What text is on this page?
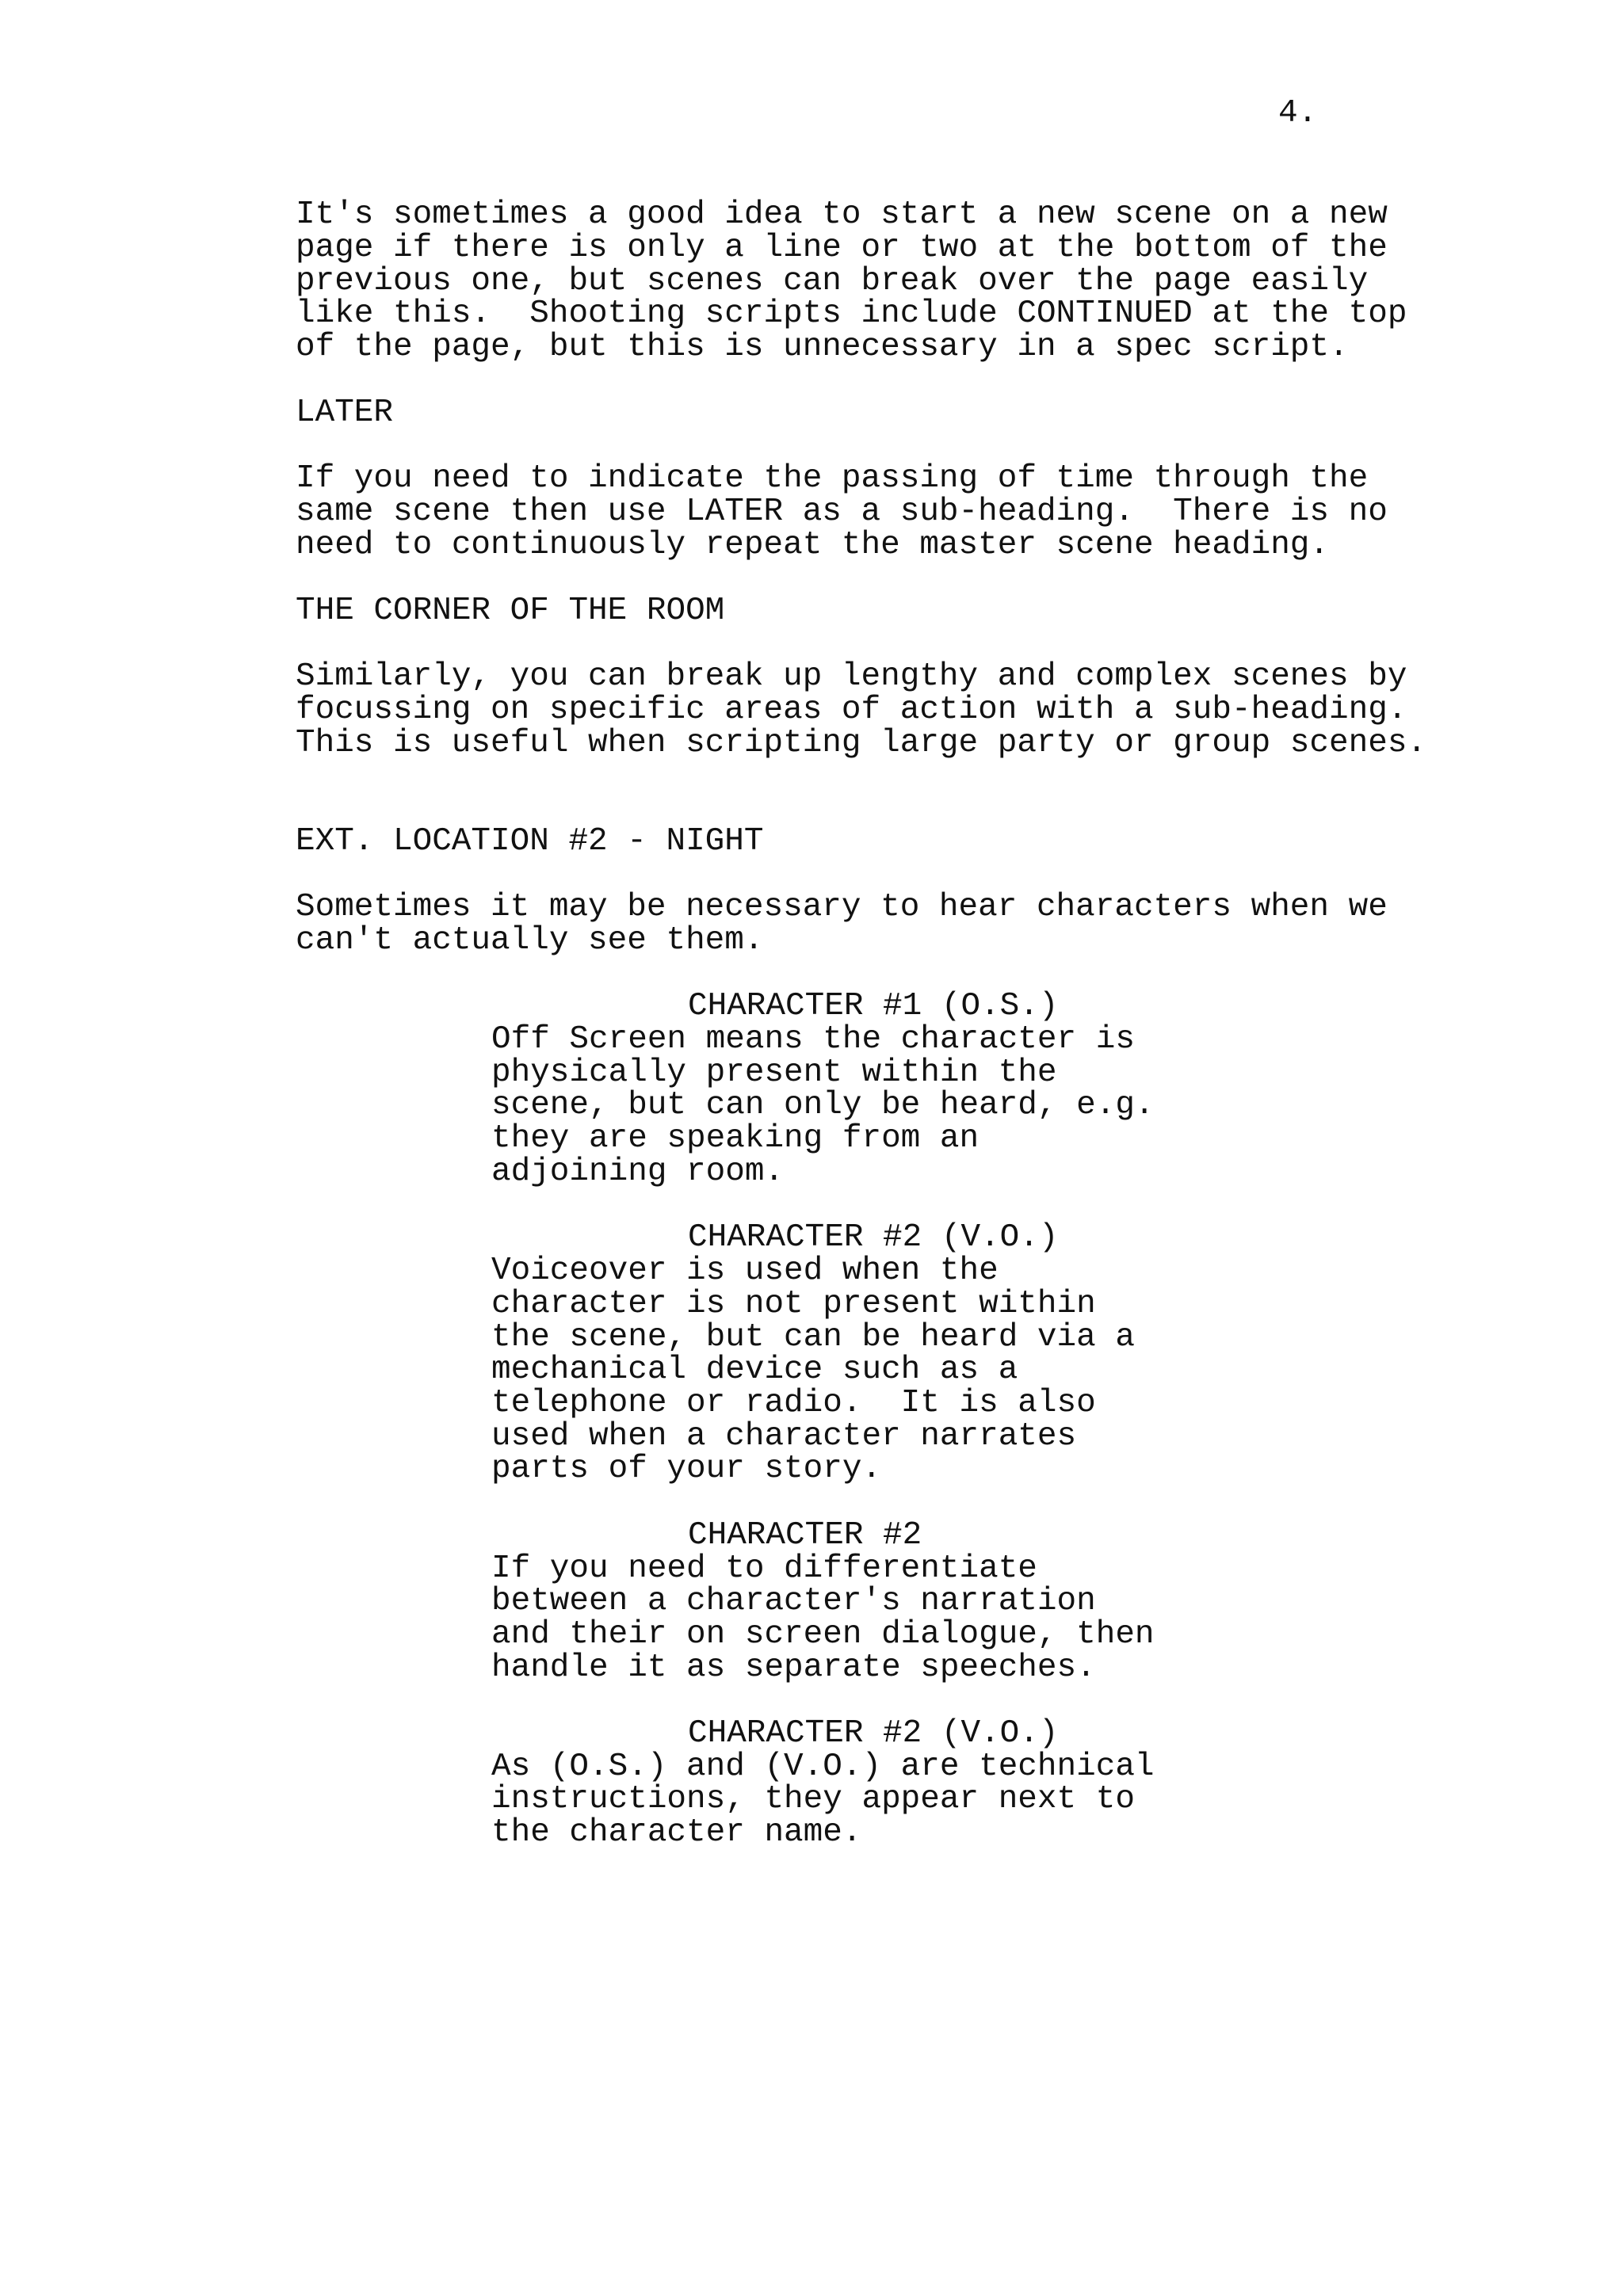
4.
It's sometimes a good idea to start a new scene on a new
page if there is only a line or two at the bottom of the
previous one, but scenes can break over the page easily
like this.  Shooting scripts include CONTINUED at the top
of the page, but this is unnecessary in a spec script.
LATER
If you need to indicate the passing of time through the
same scene then use LATER as a sub-heading.  There is no
need to continuously repeat the master scene heading.
THE CORNER OF THE ROOM
Similarly, you can break up lengthy and complex scenes by
focussing on specific areas of action with a sub-heading.
This is useful when scripting large party or group scenes.
EXT. LOCATION #2 - NIGHT
Sometimes it may be necessary to hear characters when we
can't actually see them.
CHARACTER #1 (O.S.)
Off Screen means the character is
physically present within the
scene, but can only be heard, e.g.
they are speaking from an
adjoining room.
CHARACTER #2 (V.O.)
Voiceover is used when the
character is not present within
the scene, but can be heard via a
mechanical device such as a
telephone or radio.  It is also
used when a character narrates
parts of your story.
CHARACTER #2
If you need to differentiate
between a character's narration
and their on screen dialogue, then
handle it as separate speeches.
CHARACTER #2 (V.O.)
As (O.S.) and (V.O.) are technical
instructions, they appear next to
the character name.
